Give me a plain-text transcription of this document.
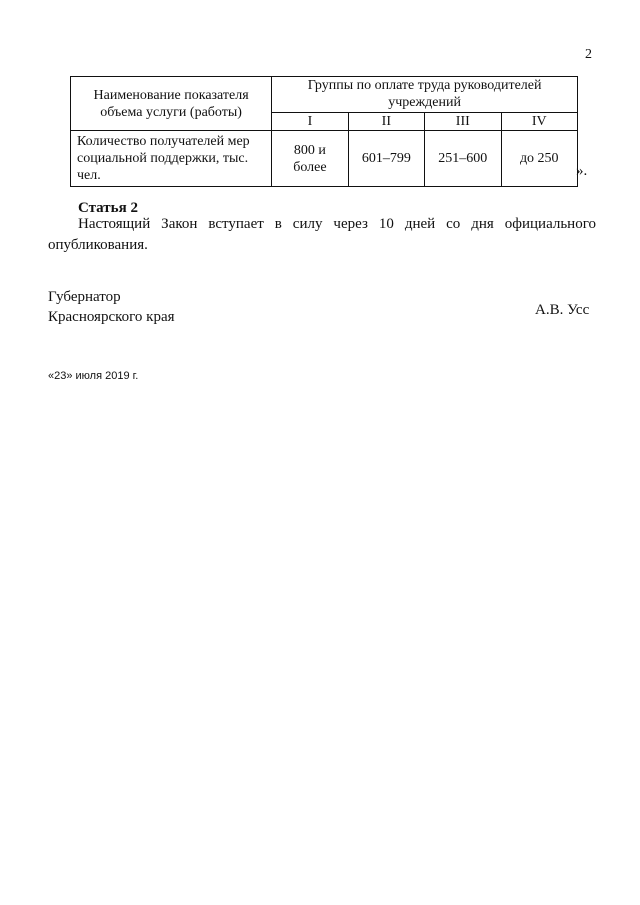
2
Наименование показателя объема услуги (работы)	Группы по оплате труда руководителей учреждений			
	I	II	III	IV
Количество получателей мер социальной поддержки, тыс. чел.	800 и более	601–799	251–600	до 250
».
Статья 2

Настоящий Закон вступает в силу через 10 дней со дня официального опубликования.

Губернатор
Красноярского края	А.В. Усс
«23» июля 2019 г.
